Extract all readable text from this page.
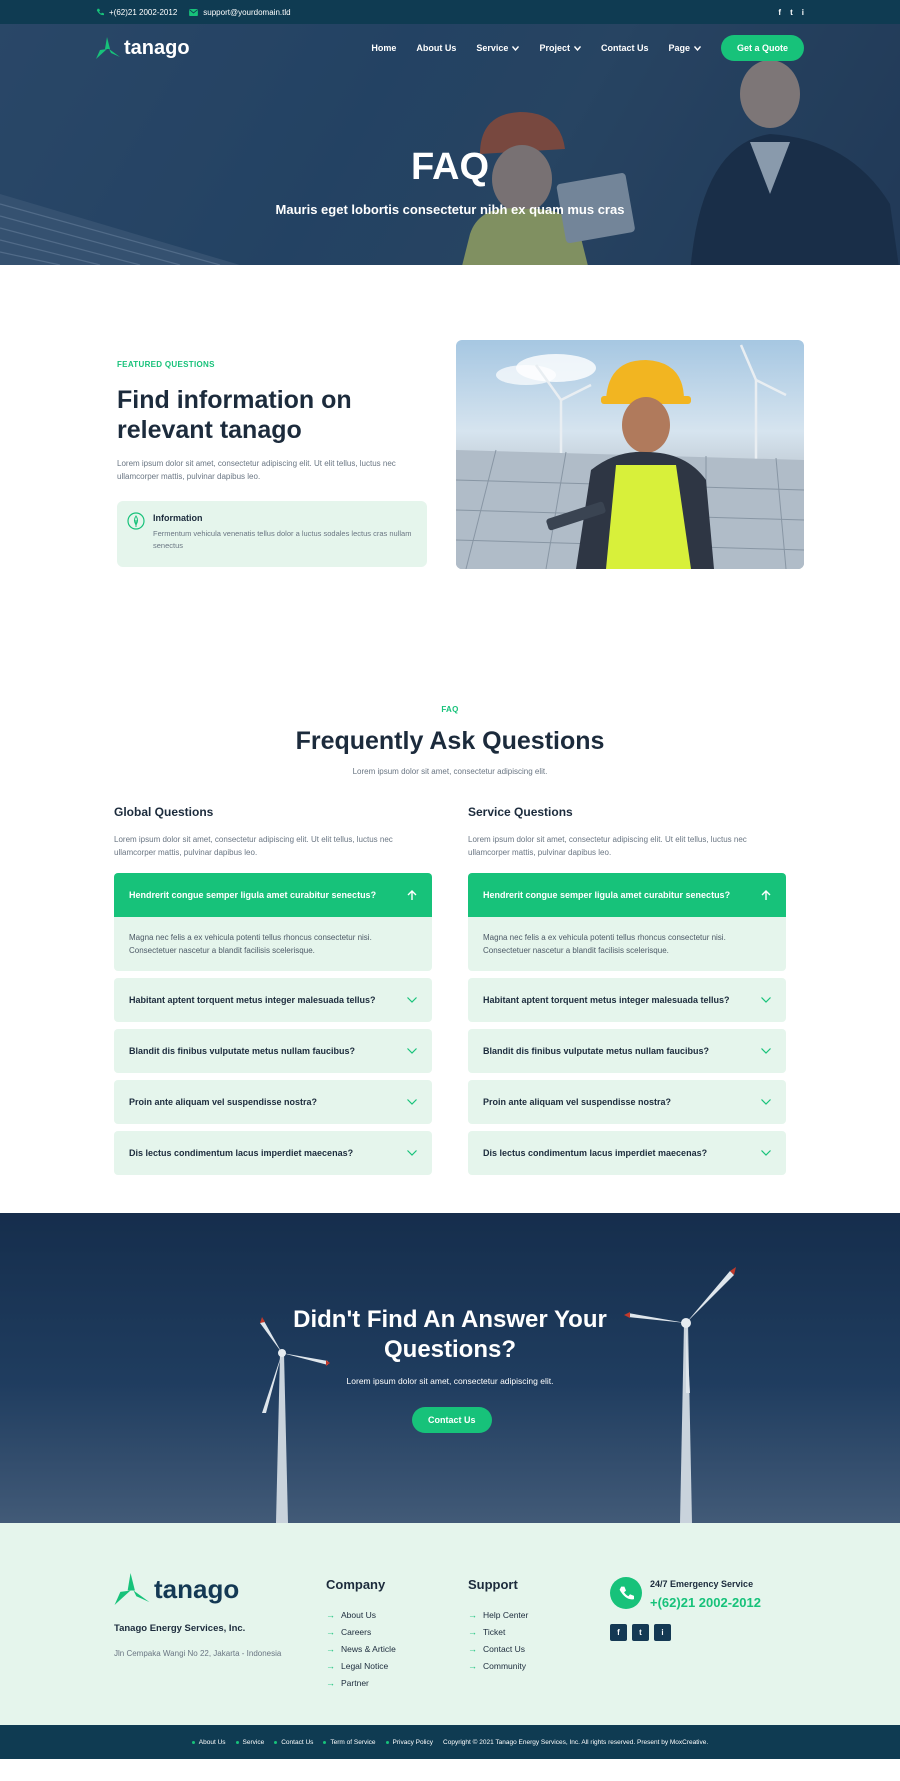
+(62)21 2002-2012	support@yourdomain.tld	f t i
tanago	Home About Us Service	Project	Contact Us Page	Get a Quote
FAQ
Mauris eget lobortis consectetur nibh ex quam mus cras
FEATURED QUESTIONS
Find information on relevant tanago
Lorem ipsum dolor sit amet, consectetur adipiscing elit. Ut elit tellus, luctus nec ullamcorper mattis, pulvinar dapibus leo.
Information
Fermentum vehicula venenatis tellus dolor a luctus sodales lectus cras nullam senectus
FAQ
Frequently Ask Questions
Lorem ipsum dolor sit amet, consectetur adipiscing elit.
Global Questions
Lorem ipsum dolor sit amet, consectetur adipiscing elit. Ut elit tellus, luctus nec ullamcorper mattis, pulvinar dapibus leo.
Hendrerit congue semper ligula amet curabitur senectus?
Magna nec felis a ex vehicula potenti tellus rhoncus consectetur nisi. Consectetuer nascetur a blandit facilisis scelerisque.
Habitant aptent torquent metus integer malesuada tellus?
Blandit dis finibus vulputate metus nullam faucibus?
Proin ante aliquam vel suspendisse nostra?
Dis lectus condimentum lacus imperdiet maecenas?
Service Questions
Lorem ipsum dolor sit amet, consectetur adipiscing elit. Ut elit tellus, luctus nec ullamcorper mattis, pulvinar dapibus leo.
Hendrerit congue semper ligula amet curabitur senectus?
Magna nec felis a ex vehicula potenti tellus rhoncus consectetur nisi. Consectetuer nascetur a blandit facilisis scelerisque.
Habitant aptent torquent metus integer malesuada tellus?
Blandit dis finibus vulputate metus nullam faucibus?
Proin ante aliquam vel suspendisse nostra?
Dis lectus condimentum lacus imperdiet maecenas?
Didn't Find An Answer Your
Questions?
Lorem ipsum dolor sit amet, consectetur adipiscing elit.
Contact Us
tanago
Tanago Energy Services, Inc.
Jln Cempaka Wangi No 22, Jakarta - Indonesia
Company
→ About Us
→ Careers
→ News & Article
→ Legal Notice
→ Partner
Support
→ Help Center
→ Ticket
→ Contact Us
→ Community
24/7 Emergency Service
+(62)21 2002-2012
f	t	i
About Us	Service	Contact Us	Term of Service	Privacy Policy Copyright © 2021 Tanago Energy Services, Inc. All rights reserved. Present by MoxCreative.
